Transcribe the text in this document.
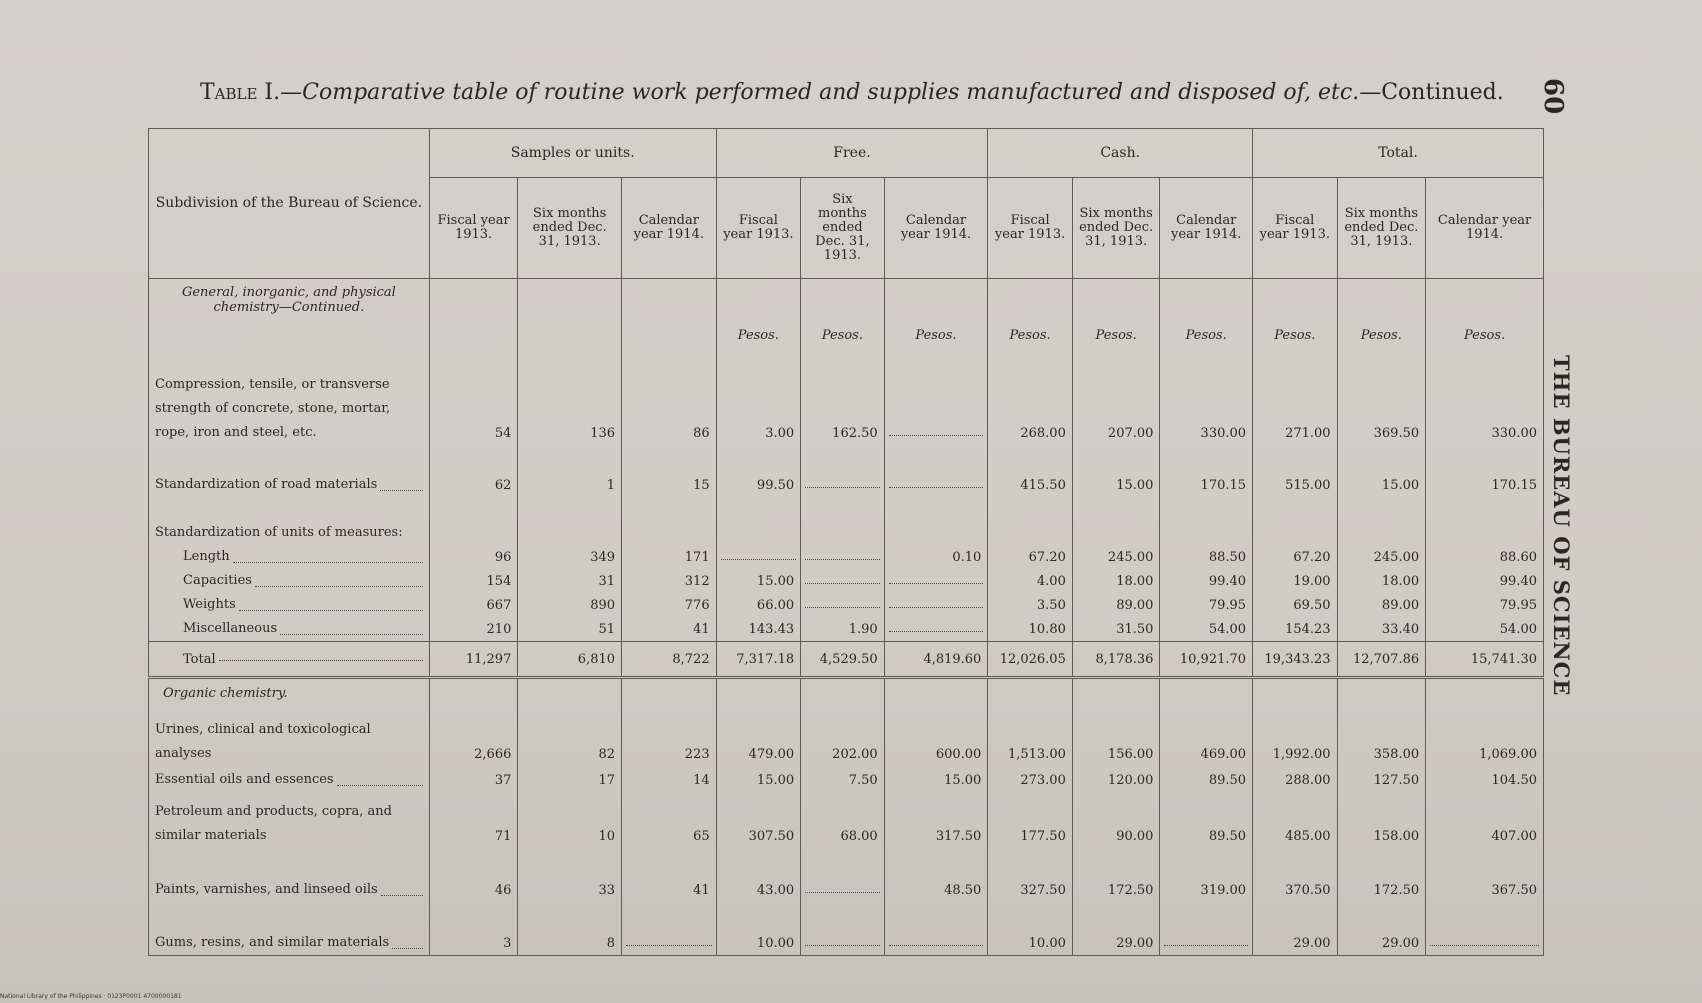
Table I.—Comparative table of routine work performed and supplies manufactured and disposed of, etc.—Continued.	60
THE BUREAU OF SCIENCE
Subdivision of the Bureau of Science.	Samples or units.			Free.			Cash.			Total.		
	Fiscal year 1913.	Six months ended Dec. 31, 1913.	Calendar year 1914.	Fiscal year 1913.	Six months ended Dec. 31, 1913.	Calendar year 1914.	Fiscal year 1913.	Six months ended Dec. 31, 1913.	Calendar year 1914.	Fiscal year 1913.	Six months ended Dec. 31, 1913.	Calendar year 1914.
General, inorganic, and physical chemistry—Continued.				Pesos.	Pesos.	Pesos.	Pesos.	Pesos.	Pesos.	Pesos.	Pesos.	Pesos.

Compression, tensile, or transverse strength of concrete, stone, mortar, rope, iron and steel, etc.	54	136	86	3.00	162.50		268.00	207.00	330.00	271.00	369.50	330.00

Standardization of road materials	62	1	15	99.50			415.50	15.00	170.15	515.00	15.00	170.15

Standardization of units of measures:												

Length	96	349	171			0.10	67.20	245.00	88.50	67.20	245.00	88.60

Capacities	154	31	312	15.00			4.00	18.00	99.40	19.00	18.00	99.40

Weights	667	890	776	66.00			3.50	89.00	79.95	69.50	89.00	79.95

Miscellaneous	210	51	41	143.43	1.90		10.80	31.50	54.00	154.23	33.40	54.00

Total	11,297	6,810	8,722	7,317.18	4,529.50	4,819.60	12,026.05	8,178.36	10,921.70	19,343.23	12,707.86	15,741.30
Organic chemistry.												

Urines, clinical and toxicological analyses	2,666	82	223	479.00	202.00	600.00	1,513.00	156.00	469.00	1,992.00	358.00	1,069.00

Essential oils and essences	37	17	14	15.00	7.50	15.00	273.00	120.00	89.50	288.00	127.50	104.50

Petroleum and products, copra, and similar materials	71	10	65	307.50	68.00	317.50	177.50	90.00	89.50	485.00	158.00	407.00

Paints, varnishes, and linseed oils	46	33	41	43.00		48.50	327.50	172.50	319.00	370.50	172.50	367.50

Gums, resins, and similar materials	3	8		10.00			10.00	29.00		29.00	29.00	
National Library of the Philippines · 0123P0001 4700000181
